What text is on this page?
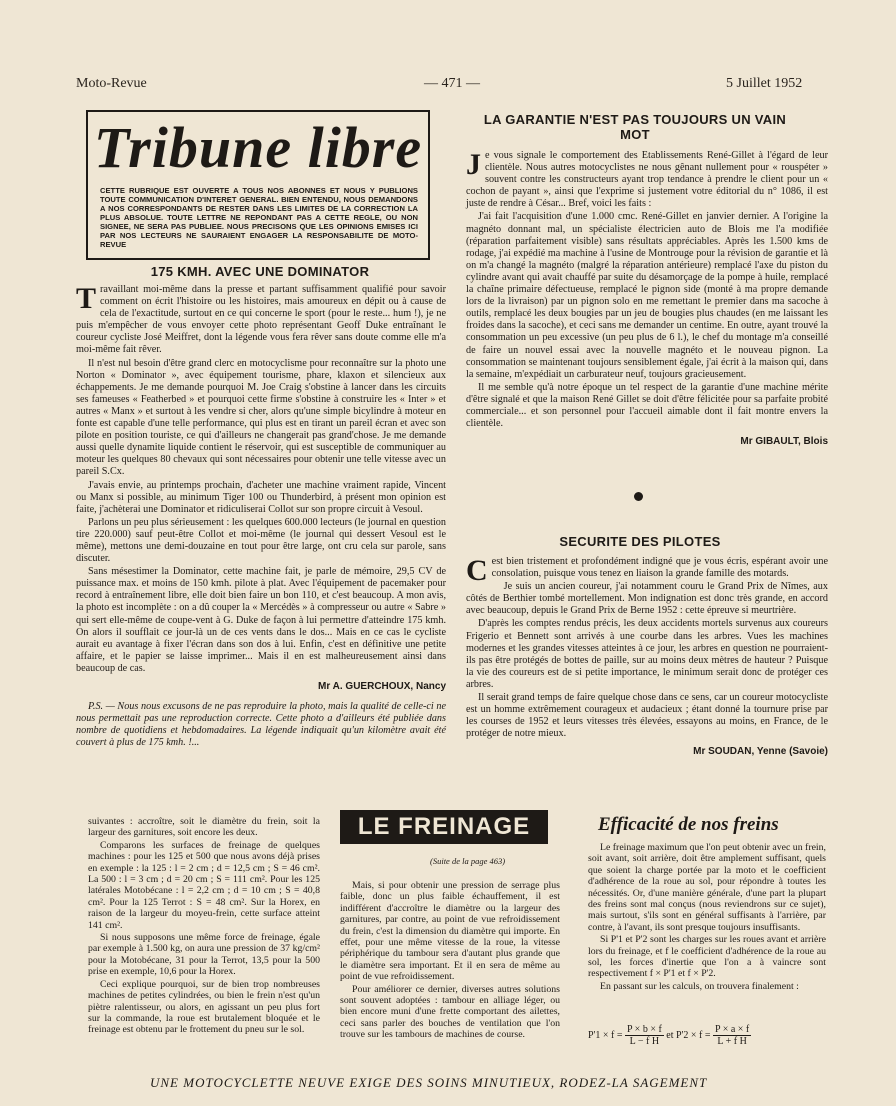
Moto-Revue	— 471 —	5 Juillet 1952
Tribune libre
CETTE RUBRIQUE EST OUVERTE A TOUS NOS ABONNES ET NOUS Y PUBLIONS TOUTE COMMUNICATION D'INTERET GENERAL. BIEN ENTENDU, NOUS DEMANDONS A NOS CORRESPONDANTS DE RESTER DANS LES LIMITES DE LA CORRECTION LA PLUS ABSOLUE. TOUTE LETTRE NE REPONDANT PAS A CETTE REGLE, OU NON SIGNEE, NE SERA PAS PUBLIEE. NOUS PRECISONS QUE LES OPINIONS EMISES ICI PAR NOS LECTEURS NE SAURAIENT ENGAGER LA RESPONSABILITE DE MOTO-REVUE
175 KMH. AVEC UNE DOMINATOR

Travaillant moi-même dans la presse et partant suffisamment qualifié pour savoir comment on écrit l'histoire ou les histoires, mais amoureux en dépit ou à cause de cela de l'exactitude, surtout en ce qui concerne le sport (pour le reste... hum !), je ne puis m'empêcher de vous envoyer cette photo représentant Geoff Duke entraînant le coureur cycliste José Meiffret, dont la légende vous fera rêver sans doute comme elle m'a moi-même fait rêver.

Il n'est nul besoin d'être grand clerc en motocyclisme pour reconnaître sur la photo une Norton « Dominator », avec équipement tourisme, phare, klaxon et silencieux aux échappements. Je me demande pourquoi M. Joe Craig s'obstine à lancer dans les circuits ses fameuses « Featherbed » et pourquoi cette firme s'obstine à construire les « Inter » et autres « Manx » et surtout à les vendre si cher, alors qu'une simple bicylindre à moteur en fonte est capable d'une telle performance, qui plus est en tirant un pareil écran et avec son pilote en position touriste, ce qui d'ailleurs ne changerait pas grand'chose. Je me demande aussi quelle dynamite liquide contient le réservoir, qui est susceptible de communiquer au moteur les quelques 80 chevaux qui sont nécessaires pour obtenir une telle vitesse avec un pareil S.Cx.

J'avais envie, au printemps prochain, d'acheter une machine vraiment rapide, Vincent ou Manx si possible, au minimum Tiger 100 ou Thunderbird, à présent mon opinion est faite, j'achèterai une Dominator et ridiculiserai Collot sur son propre circuit à Vesoul.

Parlons un peu plus sérieusement : les quelques 600.000 lecteurs (le journal en question tire 220.000) sauf peut-être Collot et moi-même (le journal qui dessert Vesoul est le même), mettons une demi-douzaine en tout pour être large, ont cru cela sur parole, sans discuter.

Sans mésestimer la Dominator, cette machine fait, je parle de mémoire, 29,5 CV de puissance max. et moins de 150 kmh. pilote à plat. Avec l'équipement de pacemaker pour record à entraînement libre, elle doit bien faire un bon 110, et c'est beaucoup. A mon avis, la photo est incomplète : on a dû couper la « Mercédès » à compresseur ou autre « Sabre » qui sert elle-même de coupe-vent à G. Duke de façon à lui permettre d'atteindre 175 kmh. On alors il soufflait ce jour-là un de ces vents dans le dos... Mais en ce cas le cycliste aurait eu avantage à fixer l'écran dans son dos à lui. Enfin, c'est en définitive une petite affaire, et le papier se laisse imprimer... Mais il en est malheureusement ainsi dans beaucoup de cas.

Mr A. GUERCHOUX, Nancy

P.S. — Nous nous excusons de ne pas reproduire la photo, mais la qualité de celle-ci ne nous permettait pas une reproduction correcte. Cette photo a d'ailleurs été publiée dans nombre de quotidiens et hebdomadaires. La légende indiquait qu'un kilomètre avait été couvert à plus de 175 kmh. !...

LA GARANTIE N'EST PAS TOUJOURS UN VAIN MOT

Je vous signale le comportement des Etablissements René-Gillet à l'égard de leur clientèle. Nous autres motocyclistes ne nous gênant nullement pour « rouspéter » souvent contre les constructeurs ayant trop tendance à prendre le client pour un « cochon de payant », ainsi que l'exprime si justement votre éditorial du n° 1086, il est juste de rendre à César... Bref, voici les faits :

J'ai fait l'acquisition d'une 1.000 cmc. René-Gillet en janvier dernier. A l'origine la magnéto donnant mal, un spécialiste électricien auto de Blois me l'a modifiée (réparation parfaitement visible) sans résultats appréciables. Après les 1.500 kms de rodage, j'ai expédié ma machine à l'usine de Montrouge pour la révision de garantie et là on m'a changé la magnéto (malgré la réparation antérieure) remplacé l'axe du piston du cylindre avant qui avait chauffé par suite du désamorçage de la pompe à huile, remplacé la chaîne primaire défectueuse, remplacé le pignon side (monté à ma propre demande lors de la livraison) par un pignon solo en me remettant le premier dans ma sacoche à outils, remplacé les deux bougies par un jeu de bougies plus chaudes (en me laissant les froides dans la sacoche), et ceci sans me demander un centime. En outre, ayant trouvé la consommation un peu excessive (un peu plus de 6 l.), le chef du montage m'a conseillé de faire un nouvel essai avec la nouvelle magnéto et le nouveau pignon. La consommation se maintenant toujours sensiblement égale, j'ai écrit à la maison qui, dans la semaine, m'expédiait un carburateur neuf, toujours gracieusement.

Il me semble qu'à notre époque un tel respect de la garantie d'une machine mérite d'être signalé et que la maison René Gillet se doit d'être félicitée pour sa parfaite probité commerciale... et son personnel pour l'accueil aimable dont il fait montre envers la clientèle.

Mr GIBAULT, Blois
SECURITE DES PILOTES

Cest bien tristement et profondément indigné que je vous écris, espérant avoir une consolation, puisque vous tenez en liaison la grande famille des motards.

Je suis un ancien coureur, j'ai notamment couru le Grand Prix de Nîmes, aux côtés de Berthier tombé mortellement. Mon indignation est donc très grande, en accord avec beaucoup, depuis le Grand Prix de Berne 1952 : cette épreuve si meurtrière.

D'après les comptes rendus précis, les deux accidents mortels survenus aux coureurs Frigerio et Bennett sont arrivés à une courbe dans les arbres. Vues les machines modernes et les grandes vitesses atteintes à ce jour, les arbres en question ne pourraient-ils pas être protégés de bottes de paille, sur au moins deux mètres de hauteur ? Puisque la vie des coureurs est de si petite importance, le minimum serait donc de protéger ces arbres.

Il serait grand temps de faire quelque chose dans ce sens, car un coureur motocycliste est un homme extrêmement courageux et audacieux ; étant donné la tournure prise par les courses de 1952 et leurs vitesses très élevées, essayons au moins, en France, de le protéger de notre mieux.

Mr SOUDAN, Yenne (Savoie)
LE FREINAGE
(Suite de la page 463)

suivantes : accroître, soit le diamètre du frein, soit la largeur des garnitures, soit encore les deux.

Comparons les surfaces de freinage de quelques machines : pour les 125 et 500 que nous avons déjà prises en exemple : la 125 : l = 2 cm ; d = 12,5 cm ; S = 46 cm². La 500 : l = 3 cm ; d = 20 cm ; S = 111 cm². Pour les 125 latérales Motobécane : l = 2,2 cm ; d = 10 cm ; S = 40,8 cm². Pour la 125 Terrot : S = 48 cm². Sur la Horex, en raison de la largeur du moyeu-frein, cette surface atteint 141 cm².

Si nous supposons une même force de freinage, égale par exemple à 1.500 kg, on aura une pression de 37 kg/cm² pour la Motobécane, 31 pour la Terrot, 13,5 pour la 500 prise en exemple, 10,6 pour la Horex.

Ceci explique pourquoi, sur de bien trop nombreuses machines de petites cylindrées, ou bien le frein n'est qu'un piètre ralentisseur, ou alors, en agissant un peu plus fort sur la commande, la roue est brutalement bloquée et le freinage est obtenu par le frottement du pneu sur le sol.

Mais, si pour obtenir une pression de serrage plus faible, donc un plus faible échauffement, il est indifférent d'accroître le diamètre ou la largeur des garnitures, par contre, au point de vue refroidissement du frein, c'est la dimension du diamètre qui importe. En effet, pour une même vitesse de la roue, la vitesse périphérique du tambour sera d'autant plus grande que le diamètre sera important. Et il en sera de même au point de vue refroidissement.

Pour améliorer ce dernier, diverses autres solutions sont souvent adoptées : tambour en alliage léger, ou bien encore muni d'une frette comportant des ailettes, ceci sans parler des bouches de ventilation que l'on trouve sur les tambours de machines de course.

Efficacité de nos freins

Le freinage maximum que l'on peut obtenir avec un frein, soit avant, soit arrière, doit être amplement suffisant, quels que soient la charge portée par la moto et le coefficient d'adhérence de la roue au sol, pour répondre à toutes les nécessités. Or, d'une manière générale, d'une part la plupart des freins sont mal conçus (nous reviendrons sur ce sujet), mais surtout, s'ils sont en général suffisants à l'arrière, par contre, à l'avant, ils sont presque toujours insuffisants.

Si P'1 et P'2 sont les charges sur les roues avant et arrière lors du freinage, et f le coefficient d'adhérence de la roue au sol, les forces d'inertie que l'on a à vaincre sont respectivement f × P'1 et f × P'2.

En passant sur les calculs, on trouvera finalement :

$P'1 \times f = \frac{P \times b \times f}{\text{L − f H}}$ et $P'2 \times f = \frac{P \times a \times f}{\text{L + f H}}$
UNE MOTOCYCLETTE NEUVE EXIGE DES SOINS MINUTIEUX, RODEZ-LA SAGEMENT
